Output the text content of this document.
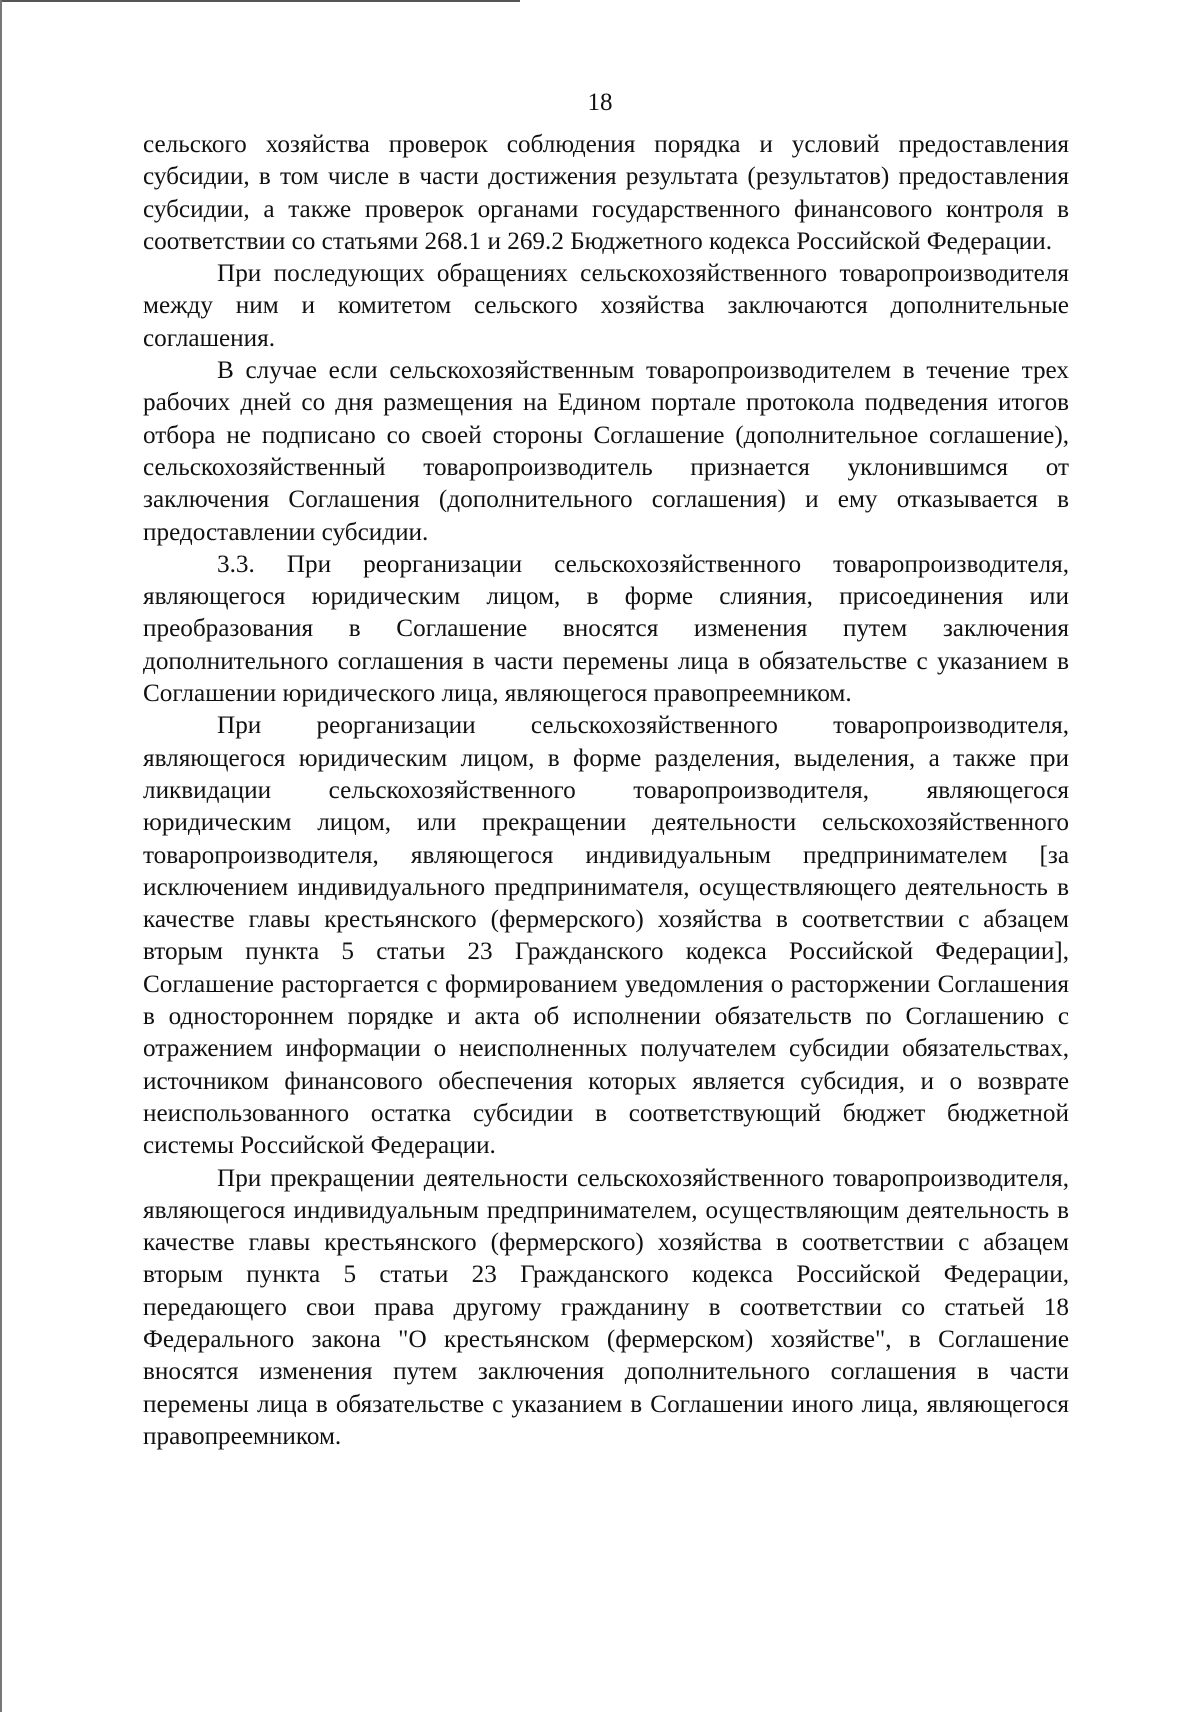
18

сельского хозяйства проверок соблюдения порядка и условий предоставления субсидии, в том числе в части достижения результата (результатов) предоставления субсидии, а также проверок органами государственного финансового контроля в соответствии со статьями 268.1 и 269.2 Бюджетного кодекса Российской Федерации.

При последующих обращениях сельскохозяйственного товаропроизводителя между ним и комитетом сельского хозяйства заключаются дополнительные соглашения.

В случае если сельскохозяйственным товаропроизводителем в течение трех рабочих дней со дня размещения на Едином портале протокола подведения итогов отбора не подписано со своей стороны Соглашение (дополнительное соглашение), сельскохозяйственный товаропроизводитель признается уклонившимся от заключения Соглашения (дополнительного соглашения) и ему отказывается в предоставлении субсидии.

3.3. При реорганизации сельскохозяйственного товаропроизводителя, являющегося юридическим лицом, в форме слияния, присоединения или преобразования в Соглашение вносятся изменения путем заключения дополнительного соглашения в части перемены лица в обязательстве с указанием в Соглашении юридического лица, являющегося правопреемником.

При реорганизации сельскохозяйственного товаропроизводителя, являющегося юридическим лицом, в форме разделения, выделения, а также при ликвидации сельскохозяйственного товаропроизводителя, являющегося юридическим лицом, или прекращении деятельности сельскохозяйственного товаропроизводителя, являющегося индивидуальным предпринимателем [за исключением индивидуального предпринимателя, осуществляющего деятельность в качестве главы крестьянского (фермерского) хозяйства в соответствии с абзацем вторым пункта 5 статьи 23 Гражданского кодекса Российской Федерации], Соглашение расторгается с формированием уведомления о расторжении Соглашения в одностороннем порядке и акта об исполнении обязательств по Соглашению с отражением информации о неисполненных получателем субсидии обязательствах, источником финансового обеспечения которых является субсидия, и о возврате неиспользованного остатка субсидии в соответствующий бюджет бюджетной системы Российской Федерации.

При прекращении деятельности сельскохозяйственного товаропроизводителя, являющегося индивидуальным предпринимателем, осуществляющим деятельность в качестве главы крестьянского (фермерского) хозяйства в соответствии с абзацем вторым пункта 5 статьи 23 Гражданского кодекса Российской Федерации, передающего свои права другому гражданину в соответствии со статьей 18 Федерального закона "О крестьянском (фермерском) хозяйстве", в Соглашение вносятся изменения путем заключения дополнительного соглашения в части перемены лица в обязательстве с указанием в Соглашении иного лица, являющегося правопреемником.
